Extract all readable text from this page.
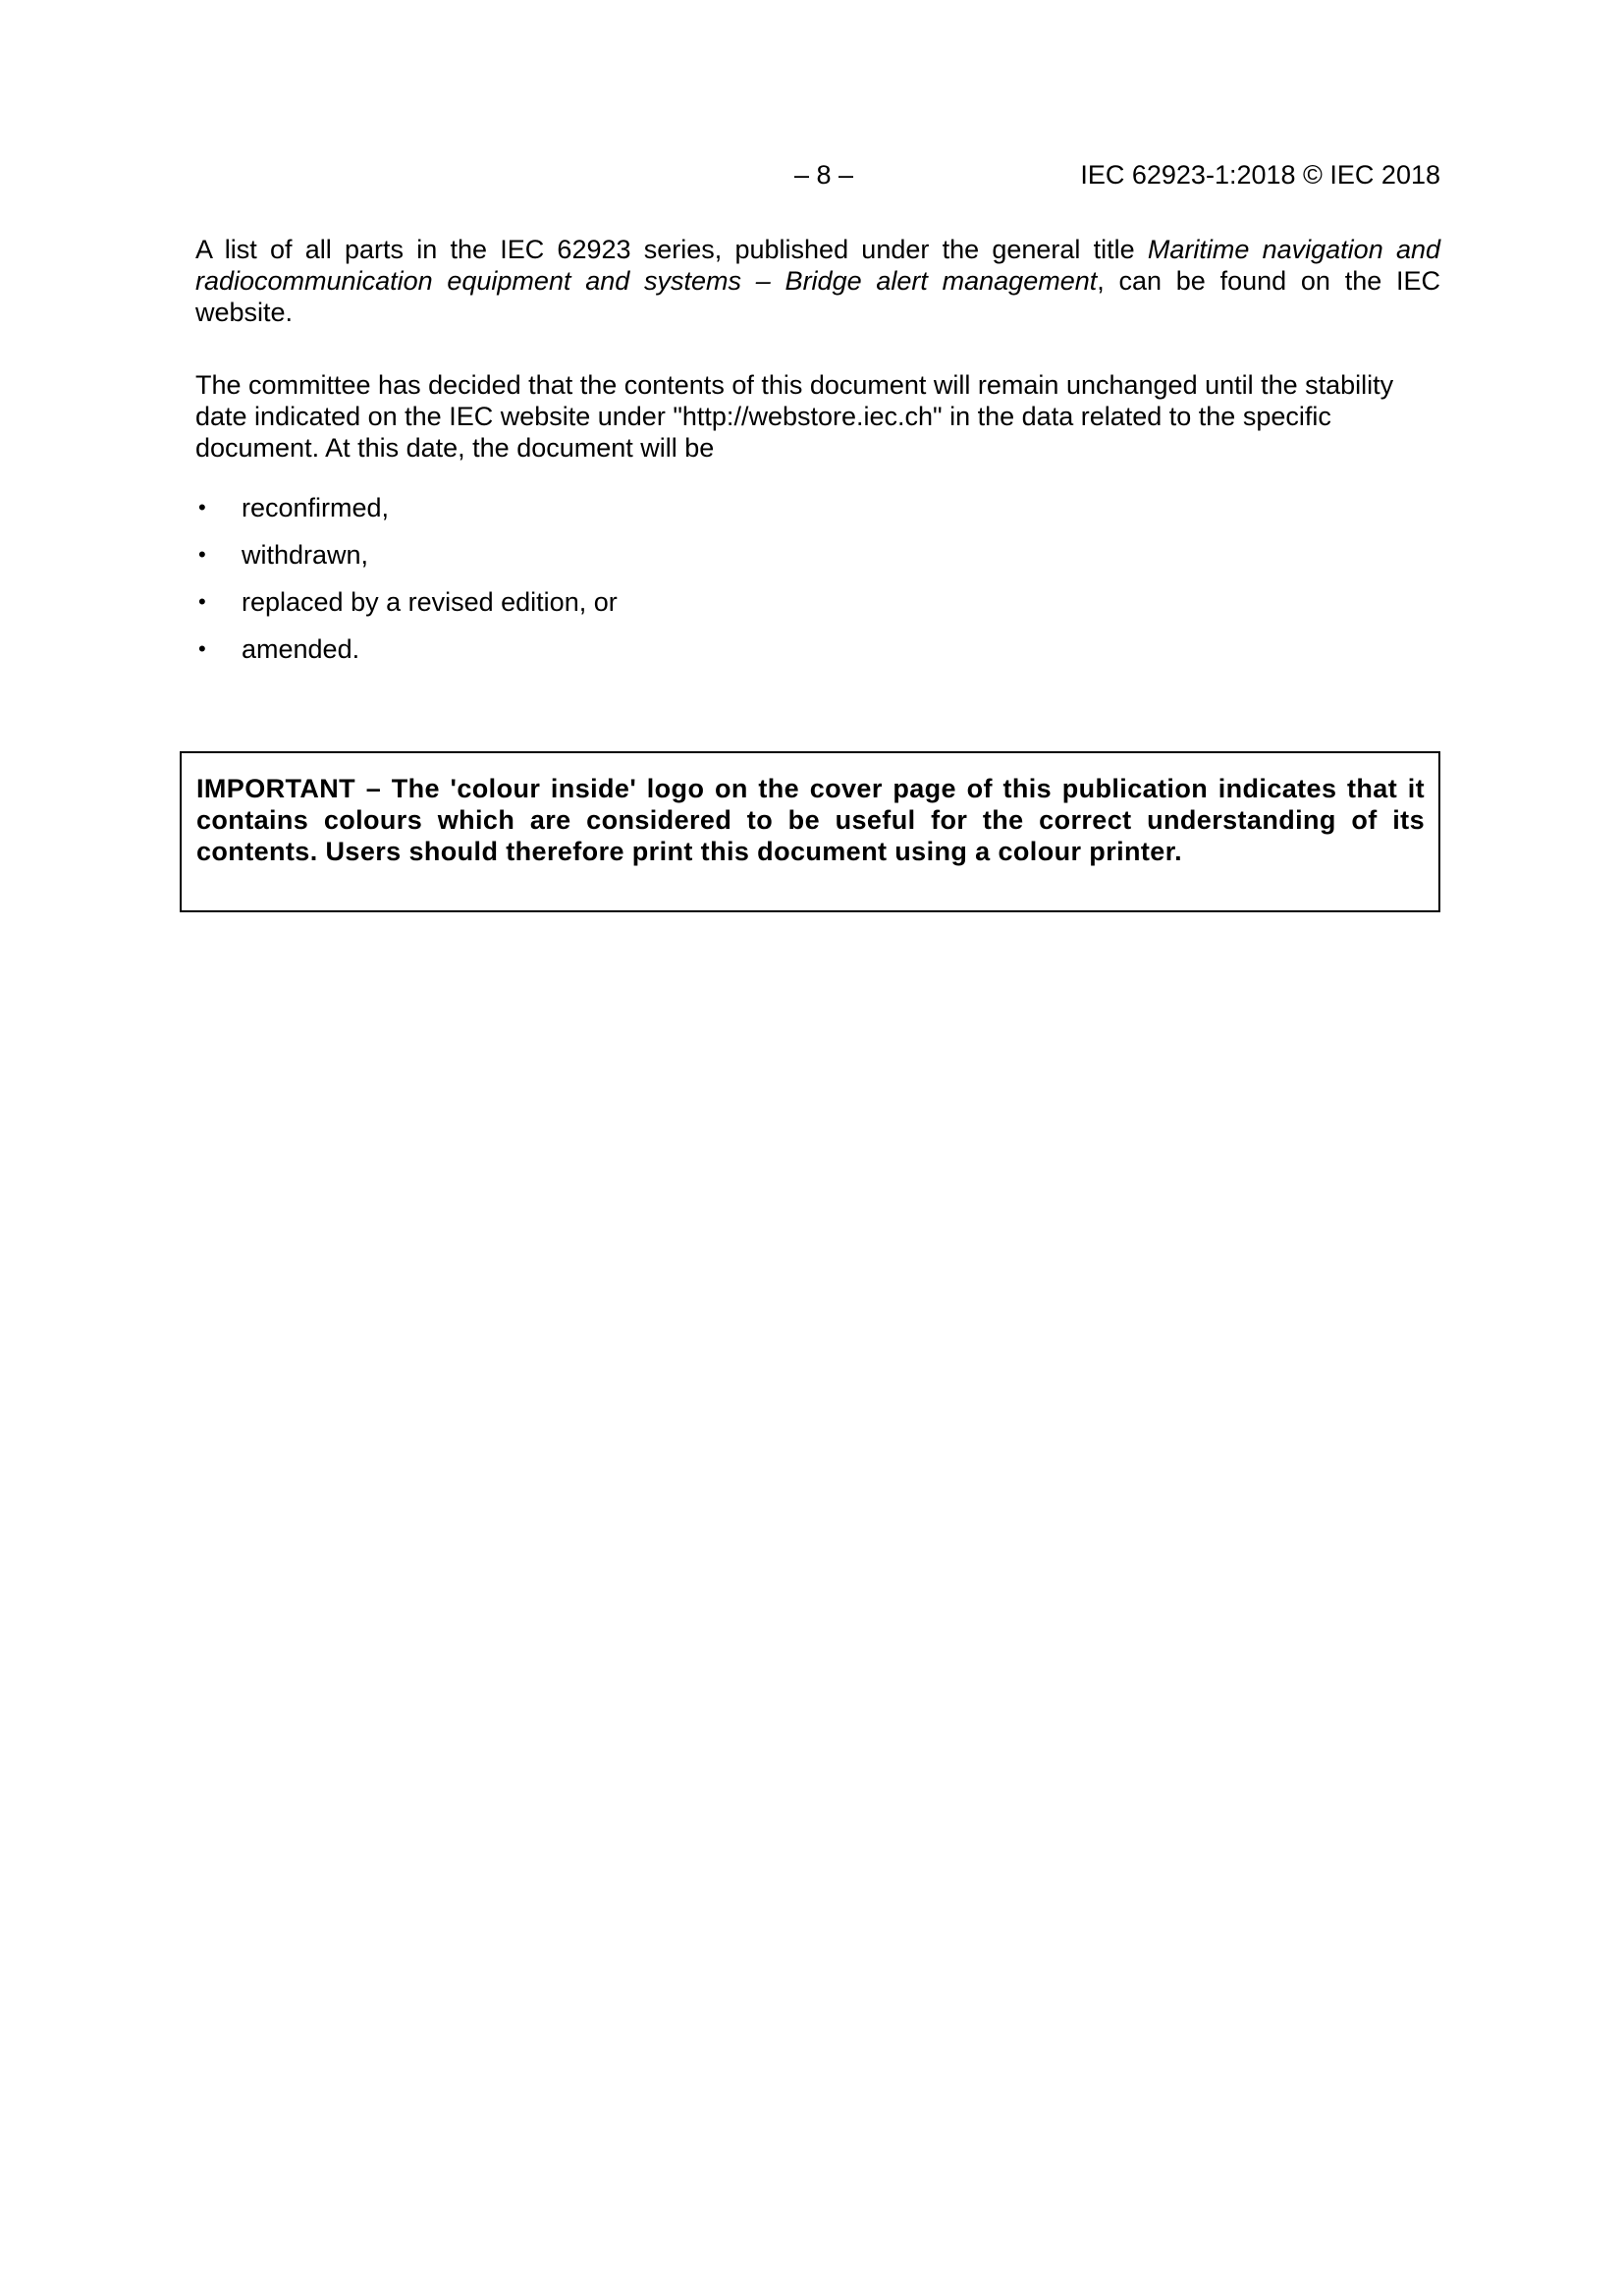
– 8 –	IEC 62923-1:2018 © IEC 2018

A list of all parts in the IEC 62923 series, published under the general title Maritime navigation and radiocommunication equipment and systems – Bridge alert management, can be found on the IEC website.

The committee has decided that the contents of this document will remain unchanged until the stability date indicated on the IEC website under "http://webstore.iec.ch" in the data related to the specific document. At this date, the document will be

• reconfirmed,
• withdrawn,
• replaced by a revised edition, or
• amended.

IMPORTANT – The 'colour inside' logo on the cover page of this publication indicates that it contains colours which are considered to be useful for the correct understanding of its contents. Users should therefore print this document using a colour printer.
